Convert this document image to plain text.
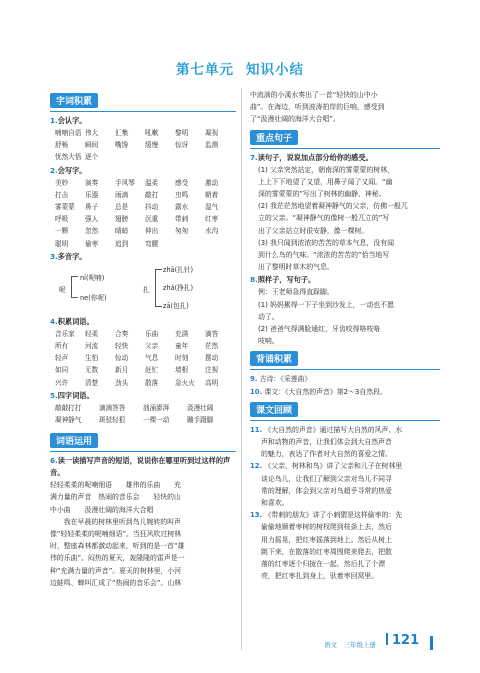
第七单元 知识小结
字词积累
1.会认字。
喃喃自语 伟大	汇集	吼嗽	黎明	凝视
舒畅	瞬间	嘴馋	缓慢	惊讶	监测
忧然大悟 逐个
2.会写字。
美妙	演奏	手风琴	温柔	感受	激动
打击	乐器	雨滴	敲打	虫鸣	朝着
雾蒙蒙	鼻子	总是	抖动	露水	湿气
呼吸	强人	翅膀	沉重	带刺	红枣
一颗	忽然	晴暗	伸出	匆匆	水沟
聪明	偷枣	追到	弯腰
3.多音字。
呢
ní(呢喃)
ne(你呢)
扎
zhā(扎针)
zhá(挣扎)
zā(包扎)
4.积累词语。
音乐家	轻柔	合奏	乐曲	充满	滴答
所有	河流	轻快	父亲	童年	茫然
轻声	生怕	惊动	气息	时刻	摆动
如同	无数	新月	赶忙	墙根	注视
兴许	清楚	劲头	散落	急火火	高明
5.四字词语。
敲敲打打	滴滴答答	汹涌澎湃	汲漫壮阔
凝神静气	斑驳轻狠	一棵一动	蹦手蹑脚
词语运用
6.读一读描写声音的短语，说说你在哪里听到过这样的声音。
轻轻柔柔的呢喃细语　　雄伟的乐曲　　充
满力量的声音　热闹的音乐会　　轻快的山
中小曲　　汲漫壮阔的海洋大合唱
　　我在早晨的树林里听到鸟儿婉转的叫声
像“轻轻柔柔的呢喃细语”。当狂风吹过树林
时，整座森林都激动起来，听到的是一首“雄
伟的乐曲”。闷热的夏天，轰隆隆的雷声是一
种“充满力量的声音”。夏天的树林里，小河
边蛙鸣、蝉叫汇成了“热闹的音乐会”。山林
中流淌的小溪水奏出了一首“轻快的山中小
曲”。在海边，听到波涛拍岸的巨响，感受到
了“汲漫壮阔的海洋大合唱”。
重点句子
7.读句子，说说加点部分给你的感受。
(1) 父亲突然站定，朝南深的雾蒙蒙的树林，
上上下下地望了又望，用鼻子闻了又闻。“幽
深的雾蒙蒙的”写出了树林的幽静、神秘。
(2) 我茫茫然地望着凝神静气的父亲，仿佛一般兀
立的父亲。“凝神静气的像树一般兀立的”写
出了父亲站立时很安静，像一棵树。
(3) 我只闻到浓浓的苦苦的草本气息，没有闻
到什么鸟的气味。“浓浓的苦苦的”恰当地写
出了黎明时草木的气息。
8.照样子，写句子。
例：王老师急得直跺脚。
(1) 妈妈累得一下子坐到沙发上，一动也不愿
动了。
(2) 爸爸气得满脸通红，牙齿咬得咯吱咯
吱响。
背诵积累
9. 古诗：《采莲曲》
10. 课文：《大自然的声音》第2～3自然段。
课文回顾
11. 《大自然的声音》通过描写大自然的风声、水
声和动物的声音，让我们体会到大自然声音
的魅力，表达了作者对大自然的喜爱之情。
12. 《父亲、树林和鸟》讲了父亲和儿子在树林里
谈论鸟儿，让我们了解到父亲对鸟儿不同寻
常的理解，体会到父亲对鸟超乎寻常的热爱
和喜欢。
13. 《带刺的朋友》讲了小刺猬是这样偷枣的：先
偷偷地顺着枣树的树杈爬到枝条上去，然后
用力摇晃，把红枣摇落到地上。然后从树上
跳下来，在散落的红枣周围爬来爬去，把散
落的红枣逐个归拢在一起，然后扎了个漂
亮，把红枣扎到身上，驮着枣回窝里。
语文　三年级上册	121
